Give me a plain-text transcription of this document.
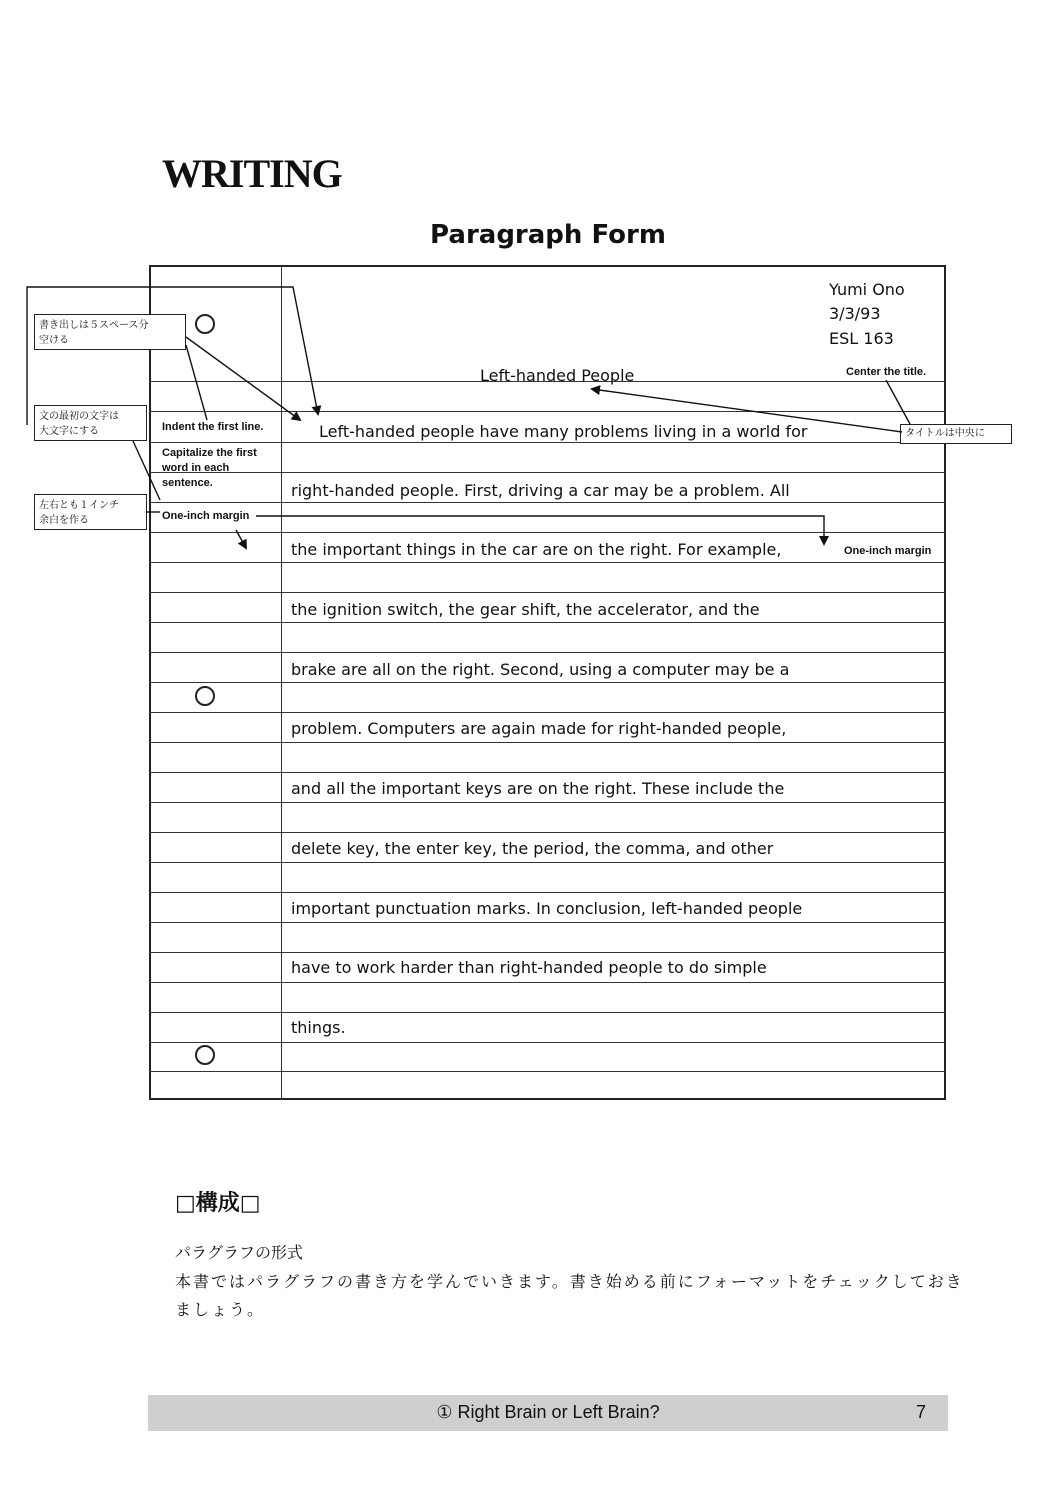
WRITING
Paragraph Form
Yumi Ono
3/3/93
ESL 163
Left-handed People
Left-handed people have many problems living in a world for
right-handed people. First, driving a car may be a problem. All
the important things in the car are on the right. For example,
the ignition switch, the gear shift, the accelerator, and the
brake are all on the right. Second, using a computer may be a
problem. Computers are again made for right-handed people,
and all the important keys are on the right. These include the
delete key, the enter key, the period, the comma, and other
important punctuation marks. In conclusion, left-handed people
have to work harder than right-handed people to do simple
things.
Center the title.
Indent the first line.
Capitalize the first
word in each
sentence.
One-inch margin
One-inch margin
書き出しは５スペース分
空ける
文の最初の文字は
大文字にする
左右とも１インチ
余白を作る
タイトルは中央に
□構成□
パラグラフの形式
本書ではパラグラフの書き方を学んでいきます。書き始める前にフォーマットをチェックしておきましょう。
① Right Brain or Left Brain?	7
